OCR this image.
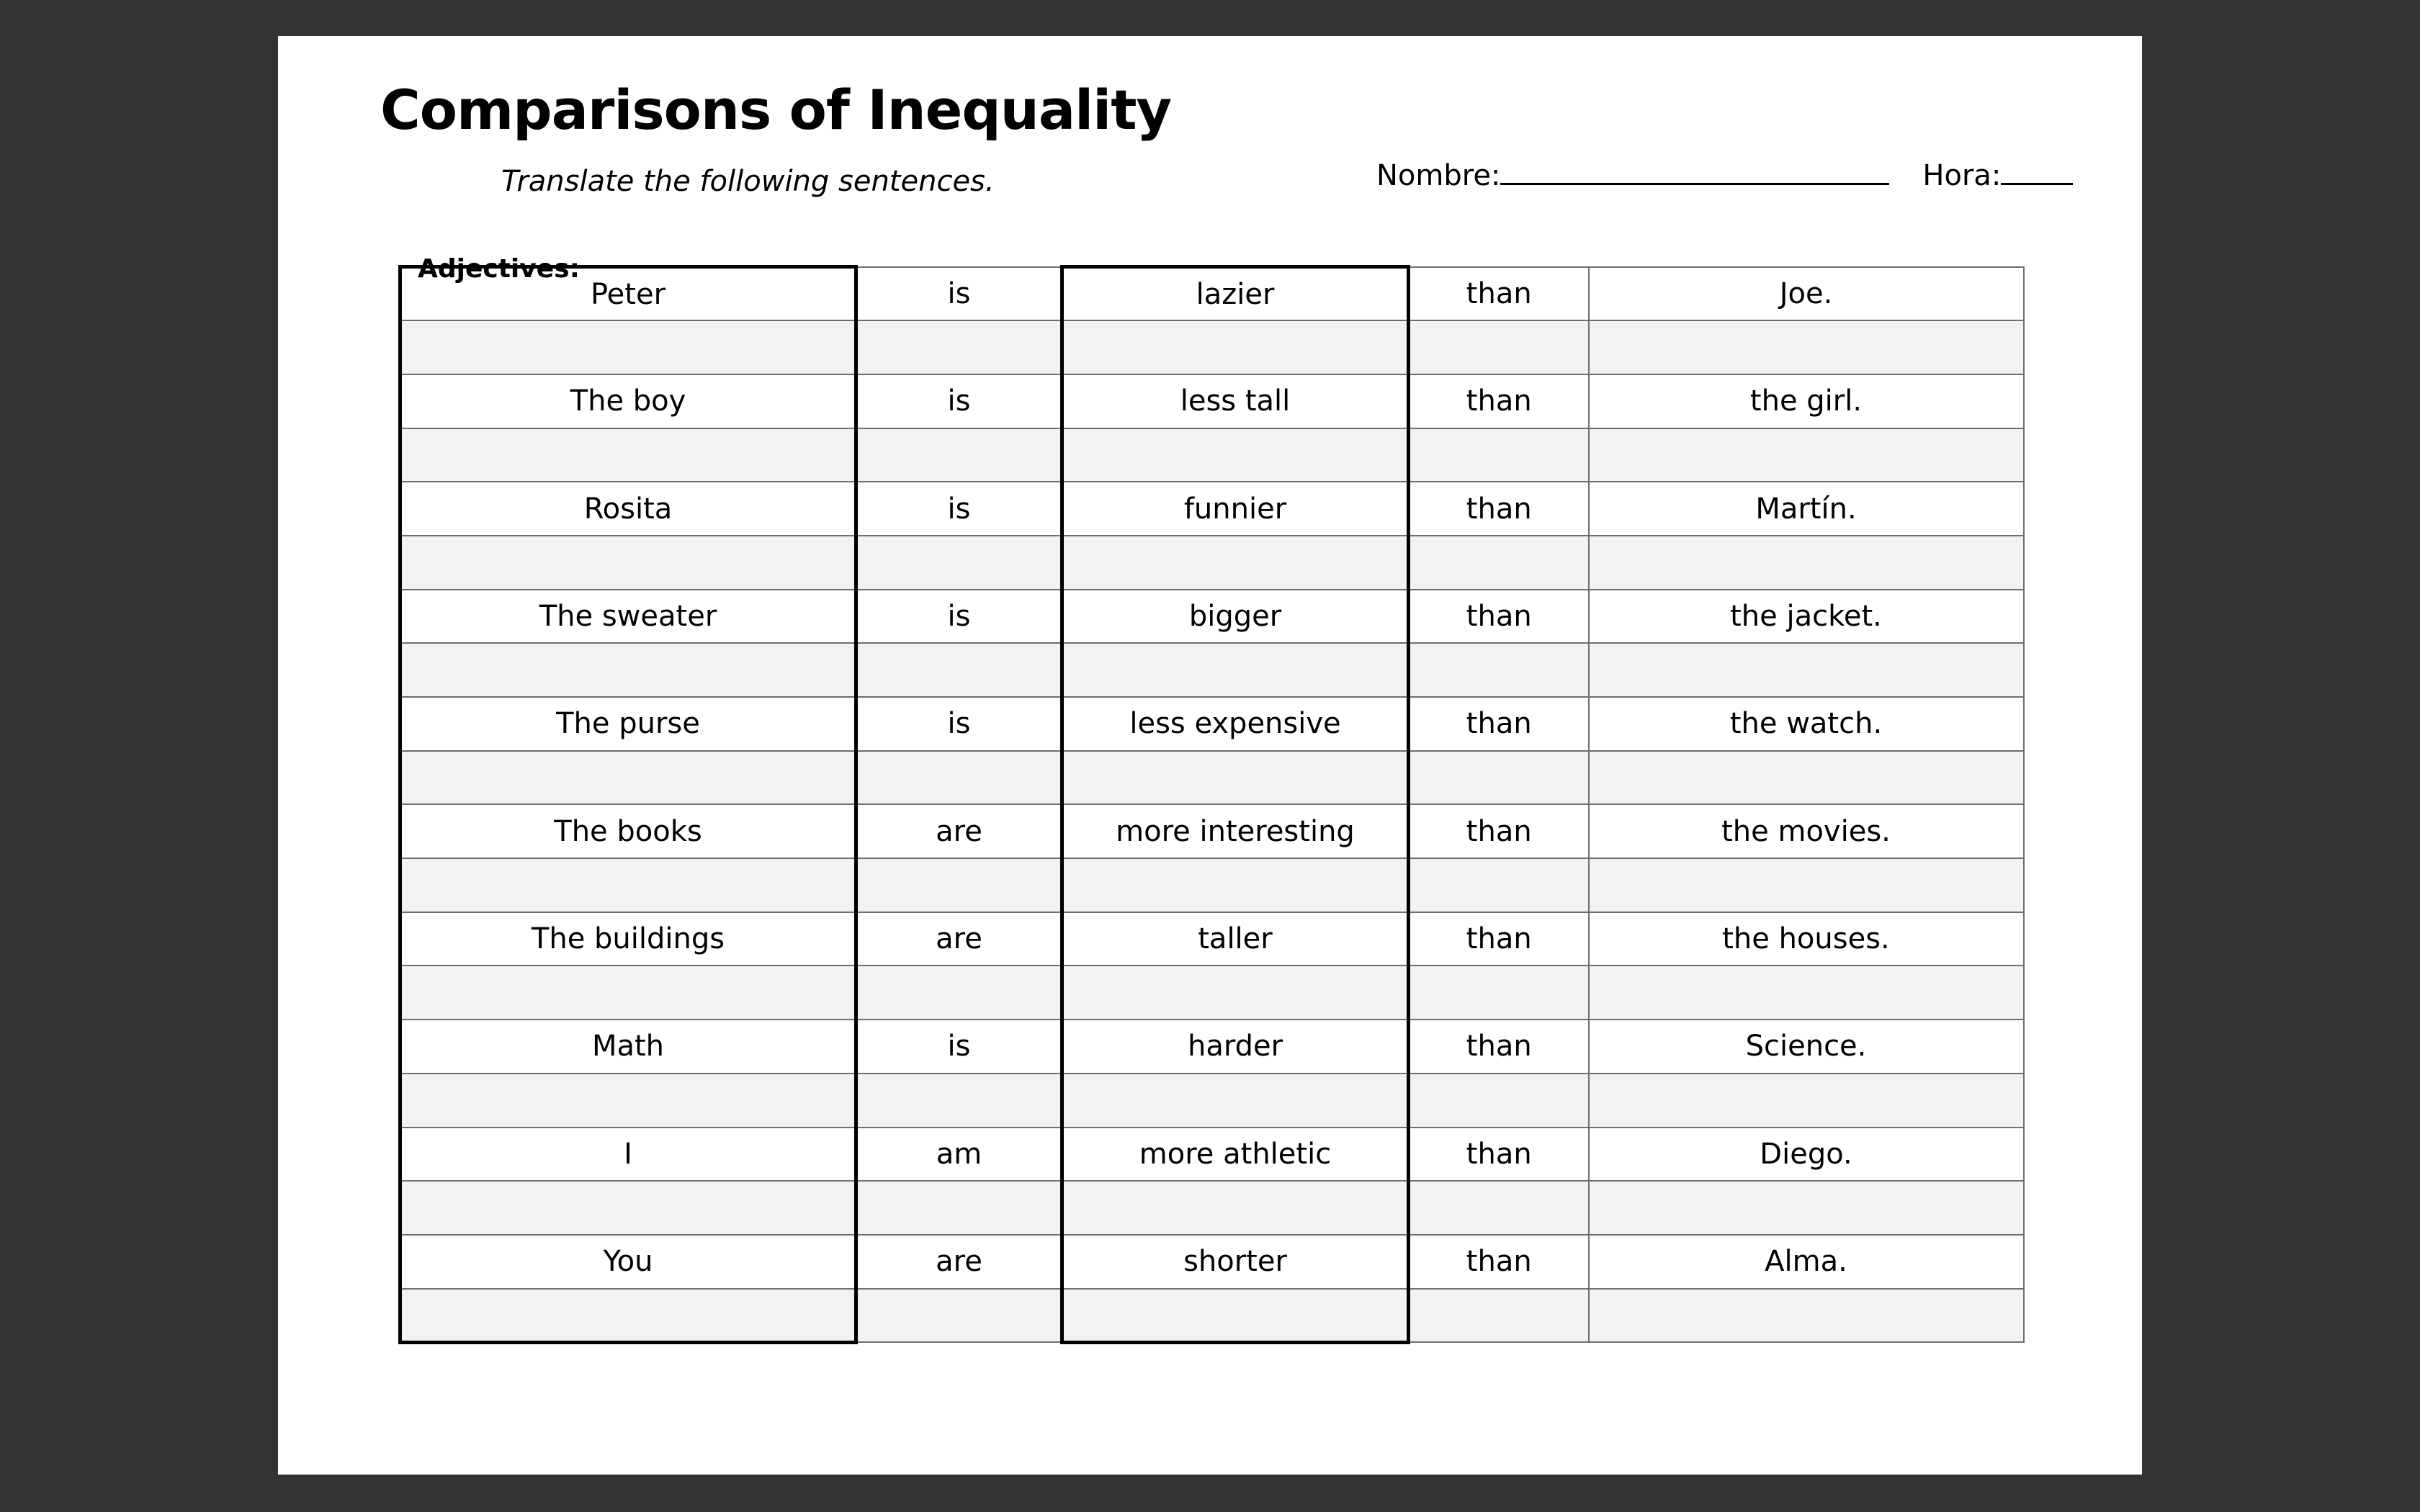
Comparisons of Inequality
Translate the following sentences.	Nombre:	Hora:
Adjectives:
Peter	is	lazier	than	Joe.

The boy	is	less tall	than	the girl.

Rosita	is	funnier	than	Martín.

The sweater	is	bigger	than	the jacket.

The purse	is	less expensive	than	the watch.

The books	are	more interesting	than	the movies.

The buildings	are	taller	than	the houses.

Math	is	harder	than	Science.

I	am	more athletic	than	Diego.

You	are	shorter	than	Alma.
